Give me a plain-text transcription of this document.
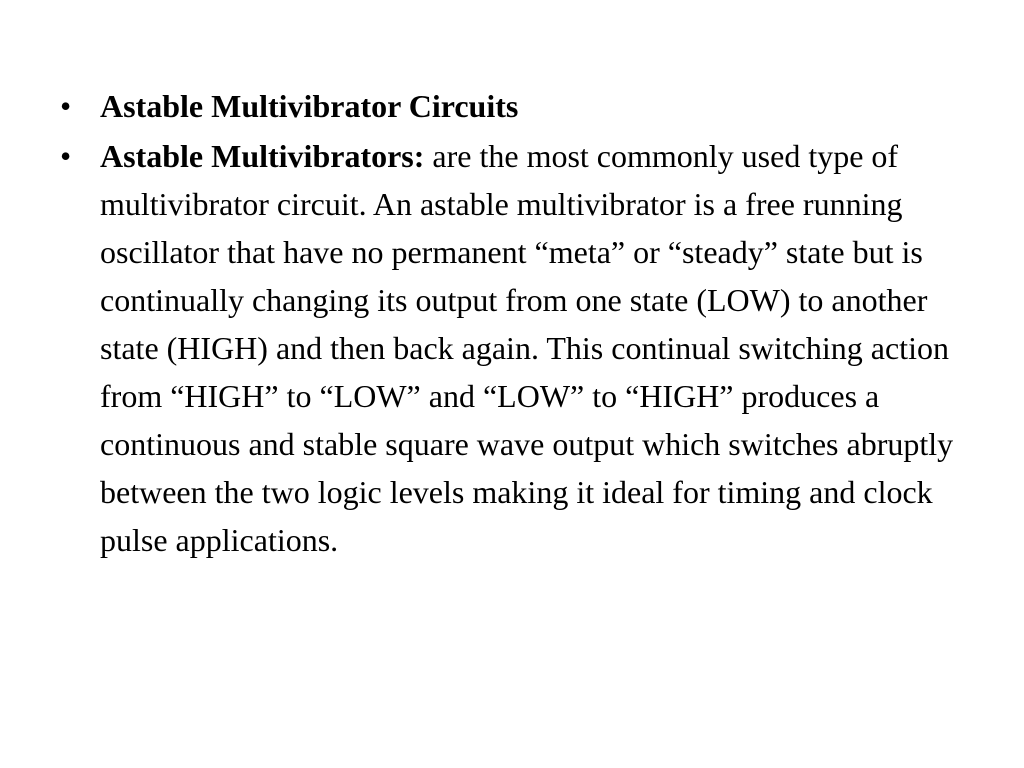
• Astable Multivibrator Circuits
• Astable Multivibrators: are the most commonly used type of multivibrator circuit. An astable multivibrator is a free running oscillator that have no permanent “meta” or “steady” state but is continually changing its output from one state (LOW) to another state (HIGH) and then back again. This continual switching action from “HIGH” to “LOW” and “LOW” to “HIGH” produces a continuous and stable square wave output which switches abruptly between the two logic levels making it ideal for timing and clock pulse applications.
